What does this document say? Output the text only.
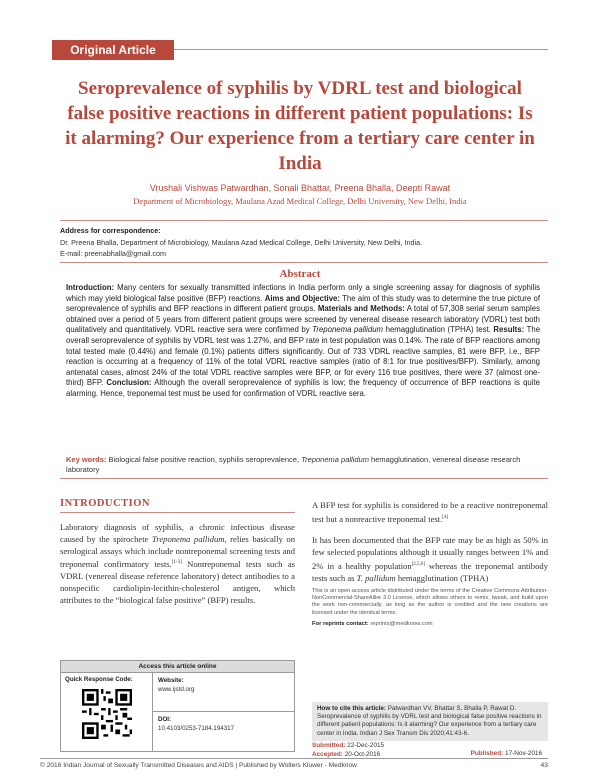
Original Article
Seroprevalence of syphilis by VDRL test and biological false positive reactions in different patient populations: Is it alarming? Our experience from a tertiary care center in India
Vrushali Vishwas Patwardhan, Sonali Bhattar, Preena Bhalla, Deepti Rawat
Department of Microbiology, Maulana Azad Medical College, Delhi University, New Delhi, India
Address for correspondence:
Dr. Preena Bhalla, Department of Microbiology, Maulana Azad Medical College, Delhi University, New Delhi, India.
E-mail: preenabhalla@gmail.com
Abstract
Introduction: Many centers for sexually transmitted infections in India perform only a single screening assay for diagnosis of syphilis which may yield biological false positive (BFP) reactions. Aims and Objective: The aim of this study was to determine the true picture of seroprevalence of syphilis and BFP reactions in different patient groups. Materials and Methods: A total of 57,308 serial serum samples obtained over a period of 5 years from different patient groups were screened by venereal disease research laboratory (VDRL) test both qualitatively and quantitatively. VDRL reactive sera were confirmed by Treponema pallidum hemagglutination (TPHA) test. Results: The overall seroprevalence of syphilis by VDRL test was 1.27%, and BFP rate in test population was 0.14%. The rate of BFP reactions among total tested male (0.44%) and female (0.1%) patients differs significantly. Out of 733 VDRL reactive samples, 81 were BFP, i.e., BFP reaction is occurring at a frequency of 11% of the total VDRL reactive samples (ratio of 8:1 for true positives/BFP). Similarly, among antenatal cases, almost 24% of the total VDRL reactive samples were BFP, or for every 116 true positives, there were 37 (almost one-third) BFP. Conclusion: Although the overall seroprevalence of syphilis is low; the frequency of occurrence of BFP reactions is quite alarming. Hence, treponemal test must be used for confirmation of VDRL reactive sera.
Key words: Biological false positive reaction, syphilis seroprevalence, Treponema pallidum hemagglutination, venereal disease research laboratory
INTRODUCTION

Laboratory diagnosis of syphilis, a chronic infectious disease caused by the spirochete Treponema pallidum, relies basically on serological assays which include nontreponemal screening tests and treponemal confirmatory tests.[1-3] Nontreponemal tests such as VDRL (venereal disease reference laboratory) detect antibodies to a nonspecific cardiolipin-lecithin-cholesterol antigen, which attributes to the “biological false positive” (BFP) results.

Access this article online
Quick Response Code:	Website:
www.ijstd.org
DOI:
10.4103/0253-7184.194317

A BFP test for syphilis is considered to be a reactive nontreponemal test but a nonreactive treponemal test.[4]

It has been documented that the BFP rate may be as high as 50% in few selected populations although it usually ranges between 1% and 2% in a healthy population[2,5,6] whereas the treponemal antibody tests such as T. pallidum hemagglutination (TPHA)

This is an open access article distributed under the terms of the Creative Commons Attribution-NonCommercial-ShareAlike 3.0 License, which allows others to remix, tweak, and build upon the work non-commercially, as long as the author is credited and the new creations are licensed under the identical terms.
For reprints contact: reprints@medknow.com
How to cite this article: Patwardhan VV, Bhattar S, Bhalla P, Rawat D. Seroprevalence of syphilis by VDRL test and biological false positive reactions in different patient populations: Is it alarming? Our experience from a tertiary care center in India. Indian J Sex Transm Dis 2020;41:43-6.
Submitted: 22-Dec-2015
Accepted: 20-Oct-2016	Published: 17-Nov-2016
© 2016 Indian Journal of Sexually Transmitted Diseases and AIDS | Published by Wolters Kluwer - Medknow	43
